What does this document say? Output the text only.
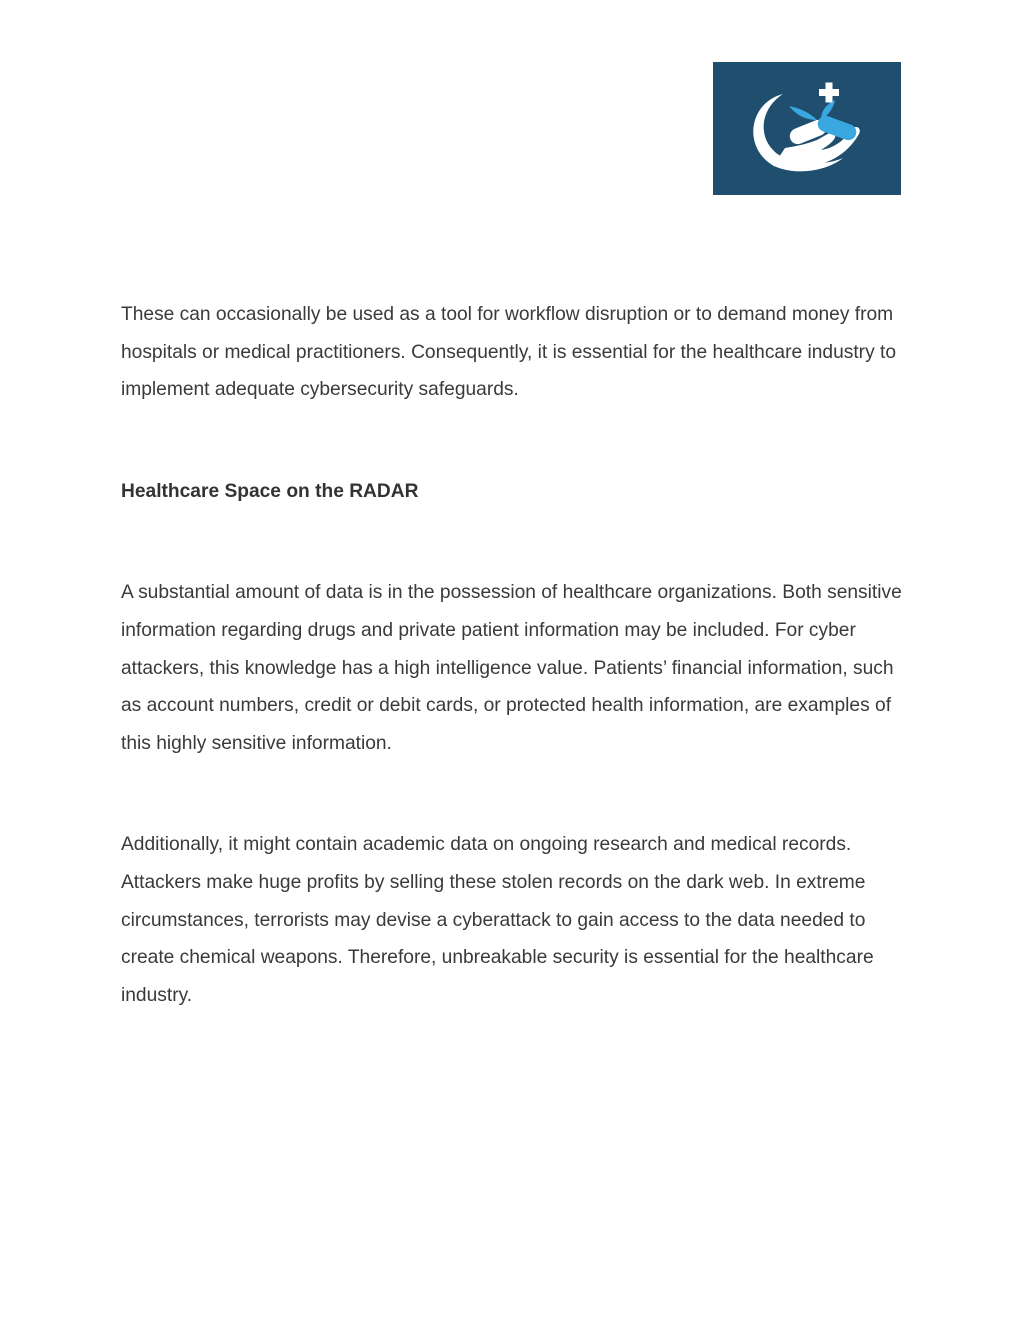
These can occasionally be used as a tool for workflow disruption or to demand money from hospitals or medical practitioners. Consequently, it is essential for the healthcare industry to implement adequate cybersecurity safeguards.

Healthcare Space on the RADAR

A substantial amount of data is in the possession of healthcare organizations. Both sensitive information regarding drugs and private patient information may be included. For cyber attackers, this knowledge has a high intelligence value. Patients’ financial information, such as account numbers, credit or debit cards, or protected health information, are examples of this highly sensitive information.

Additionally, it might contain academic data on ongoing research and medical records. Attackers make huge profits by selling these stolen records on the dark web. In extreme circumstances, terrorists may devise a cyberattack to gain access to the data needed to create chemical weapons. Therefore, unbreakable security is essential for the healthcare industry.
